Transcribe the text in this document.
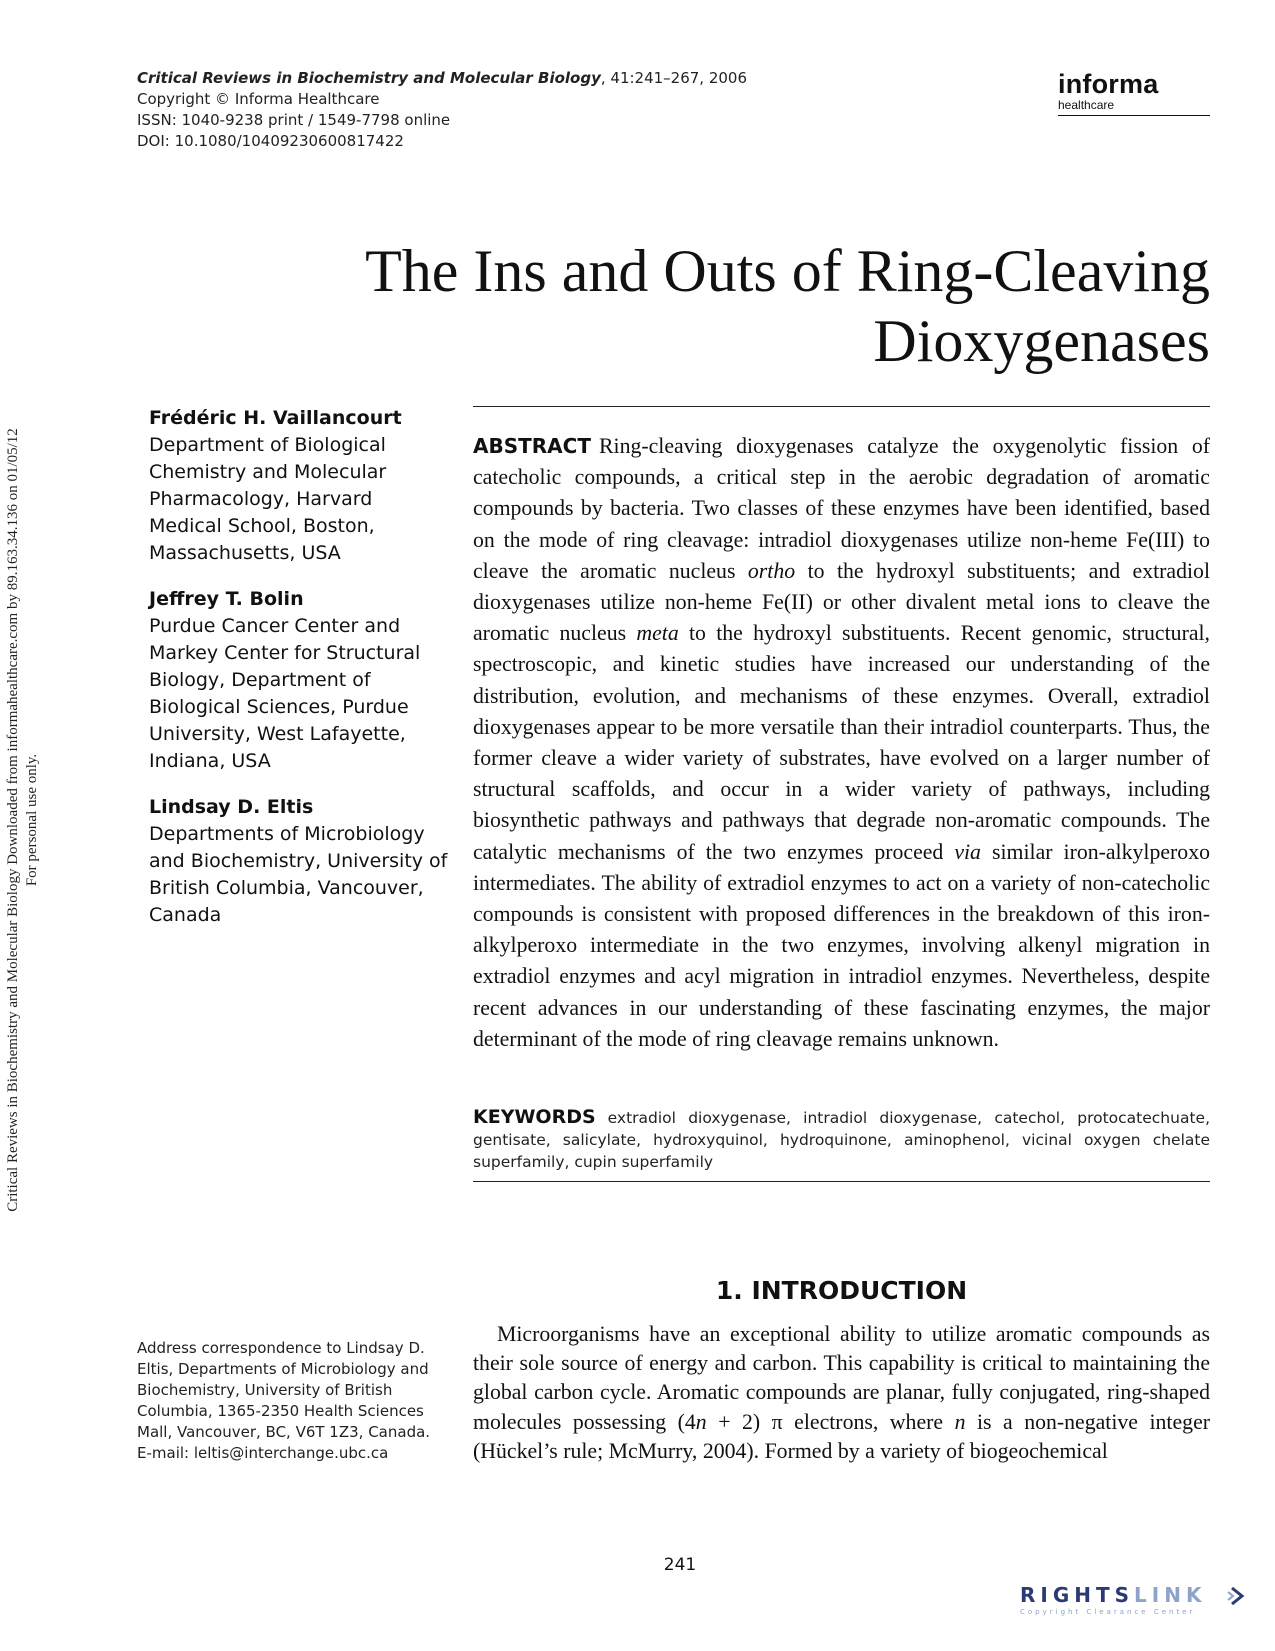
Critical Reviews in Biochemistry and Molecular Biology Downloaded from informahealthcare.com by 89.163.34.136 on 01/05/12 For personal use only.
Critical Reviews in Biochemistry and Molecular Biology, 41:241–267, 2006
Copyright © Informa Healthcare
ISSN: 1040-9238 print / 1549-7798 online
DOI: 10.1080/10409230600817422
informa
healthcare
The Ins and Outs of Ring-Cleaving
Dioxygenases
Frédéric H. Vaillancourt
Department of Biological Chemistry and Molecular Pharmacology, Harvard Medical School, Boston, Massachusetts, USA
Jeffrey T. Bolin
Purdue Cancer Center and Markey Center for Structural Biology, Department of Biological Sciences, Purdue University, West Lafayette, Indiana, USA
Lindsay D. Eltis
Departments of Microbiology and Biochemistry, University of British Columbia, Vancouver, Canada
ABSTRACT Ring-cleaving dioxygenases catalyze the oxygenolytic fission of catecholic compounds, a critical step in the aerobic degradation of aromatic compounds by bacteria. Two classes of these enzymes have been identified, based on the mode of ring cleavage: intradiol dioxygenases utilize non-heme Fe(III) to cleave the aromatic nucleus ortho to the hydroxyl substituents; and extradiol dioxygenases utilize non-heme Fe(II) or other divalent metal ions to cleave the aromatic nucleus meta to the hydroxyl substituents. Recent genomic, structural, spectroscopic, and kinetic studies have increased our understanding of the distribution, evolution, and mechanisms of these enzymes. Overall, extradiol dioxygenases appear to be more versatile than their intradiol counterparts. Thus, the former cleave a wider variety of substrates, have evolved on a larger number of structural scaffolds, and occur in a wider variety of pathways, including biosynthetic pathways and pathways that degrade non-aromatic compounds. The catalytic mechanisms of the two enzymes proceed via similar iron-alkylperoxo intermediates. The ability of extradiol enzymes to act on a variety of non-catecholic compounds is consistent with proposed differences in the breakdown of this iron-alkylperoxo intermediate in the two enzymes, involving alkenyl migration in extradiol enzymes and acyl migration in intradiol enzymes. Nevertheless, despite recent advances in our understanding of these fascinating enzymes, the major determinant of the mode of ring cleavage remains unknown.
KEYWORDS extradiol dioxygenase, intradiol dioxygenase, catechol, protocatechuate, gentisate, salicylate, hydroxyquinol, hydroquinone, aminophenol, vicinal oxygen chelate superfamily, cupin superfamily
1. INTRODUCTION
Microorganisms have an exceptional ability to utilize aromatic compounds as their sole source of energy and carbon. This capability is critical to maintaining the global carbon cycle. Aromatic compounds are planar, fully conjugated, ring-shaped molecules possessing (4n + 2) π electrons, where n is a non-negative integer (Hückel’s rule; McMurry, 2004). Formed by a variety of biogeochemical
Address correspondence to Lindsay D. Eltis, Departments of Microbiology and Biochemistry, University of British Columbia, 1365-2350 Health Sciences Mall, Vancouver, BC, V6T 1Z3, Canada. E-mail: leltis@interchange.ubc.ca
241
RIGHTSLINK
Copyright Clearance Center
